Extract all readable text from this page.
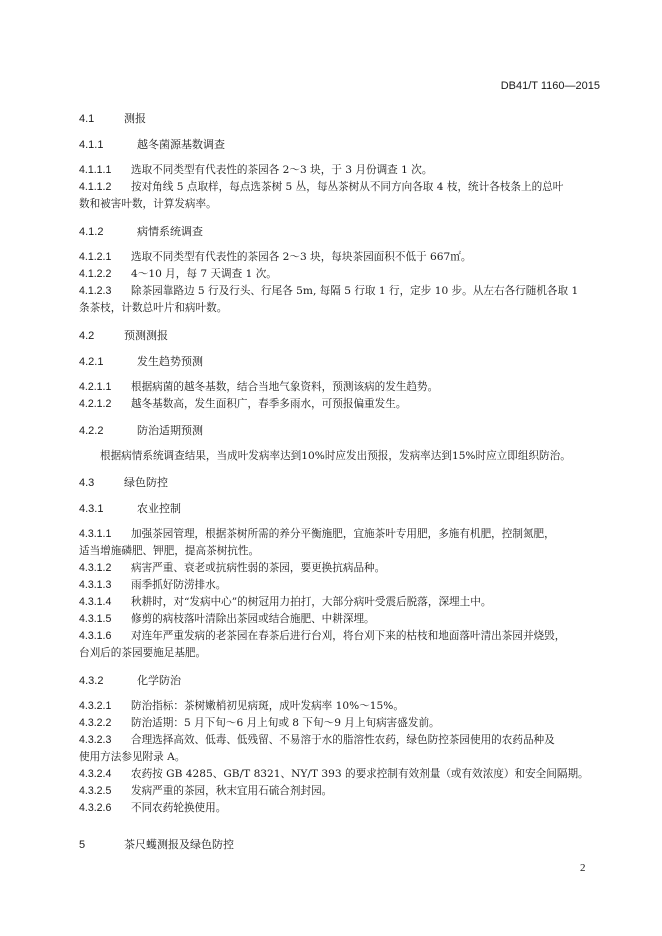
DB41/T 1160—2015
4.1	测报
4.1.1	越冬菌源基数调查
4.1.1.1 选取不同类型有代表性的茶园各 2～3 块，于 3 月份调查 1 次。
4.1.1.2 按对角线 5 点取样，每点选茶树 5 丛，每丛茶树从不同方向各取 4 枝，统计各枝条上的总叶
数和被害叶数，计算发病率。
4.1.2	病情系统调查
4.1.2.1 选取不同类型有代表性的茶园各 2～3 块，每块茶园面积不低于 667㎡。
4.1.2.2 4～10 月，每 7 天调查 1 次。
4.1.2.3 除茶园靠路边 5 行及行头、行尾各 5m, 每隔 5 行取 1 行，定步 10 步。从左右各行随机各取 1
条茶枝，计数总叶片和病叶数。
4.2	预测测报
4.2.1	发生趋势预测
4.2.1.1 根据病菌的越冬基数，结合当地气象资料，预测该病的发生趋势。
4.2.1.2 越冬基数高，发生面积广，春季多雨水，可预报偏重发生。
4.2.2	防治适期预测
根据病情系统调查结果，当成叶发病率达到10%时应发出预报，发病率达到15%时应立即组织防治。
4.3	绿色防控
4.3.1	农业控制
4.3.1.1 加强茶园管理，根据茶树所需的养分平衡施肥，宜施茶叶专用肥，多施有机肥，控制氮肥，
适当增施磷肥、钾肥，提高茶树抗性。
4.3.1.2 病害严重、衰老或抗病性弱的茶园，要更换抗病品种。
4.3.1.3 雨季抓好防涝排水。
4.3.1.4 秋耕时，对“发病中心”的树冠用力拍打，大部分病叶受震后脱落，深埋土中。
4.3.1.5 修剪的病枝落叶清除出茶园或结合施肥、中耕深埋。
4.3.1.6 对连年严重发病的老茶园在春茶后进行台刈，将台刈下来的枯枝和地面落叶清出茶园并烧毁，
台刈后的茶园要施足基肥。
4.3.2	化学防治
4.3.2.1 防治指标：茶树嫩梢初见病斑，成叶发病率 10%～15%。
4.3.2.2 防治适期：5 月下旬～6 月上旬或 8 下旬～9 月上旬病害盛发前。
4.3.2.3 合理选择高效、低毒、低残留、不易溶于水的脂溶性农药，绿色防控茶园使用的农药品种及
使用方法参见附录 A。
4.3.2.4 农药按 GB 4285、GB/T 8321、NY/T 393 的要求控制有效剂量（或有效浓度）和安全间隔期。
4.3.2.5 发病严重的茶园，秋末宜用石硫合剂封园。
4.3.2.6 不同农药轮换使用。
5	茶尺蠖测报及绿色防控
2
